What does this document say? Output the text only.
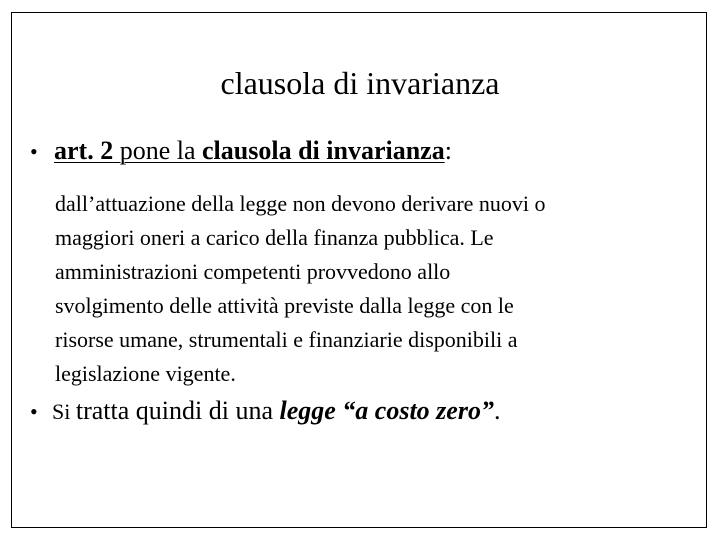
clausola di invarianza
• art. 2 pone la clausola di invarianza:
dall’attuazione della legge non devono derivare nuovi o
maggiori oneri a carico della finanza pubblica. Le
amministrazioni competenti provvedono allo
svolgimento delle attività previste dalla legge con le
risorse umane, strumentali e finanziarie disponibili a
legislazione vigente.
• Si tratta quindi di una legge “a costo zero”.
